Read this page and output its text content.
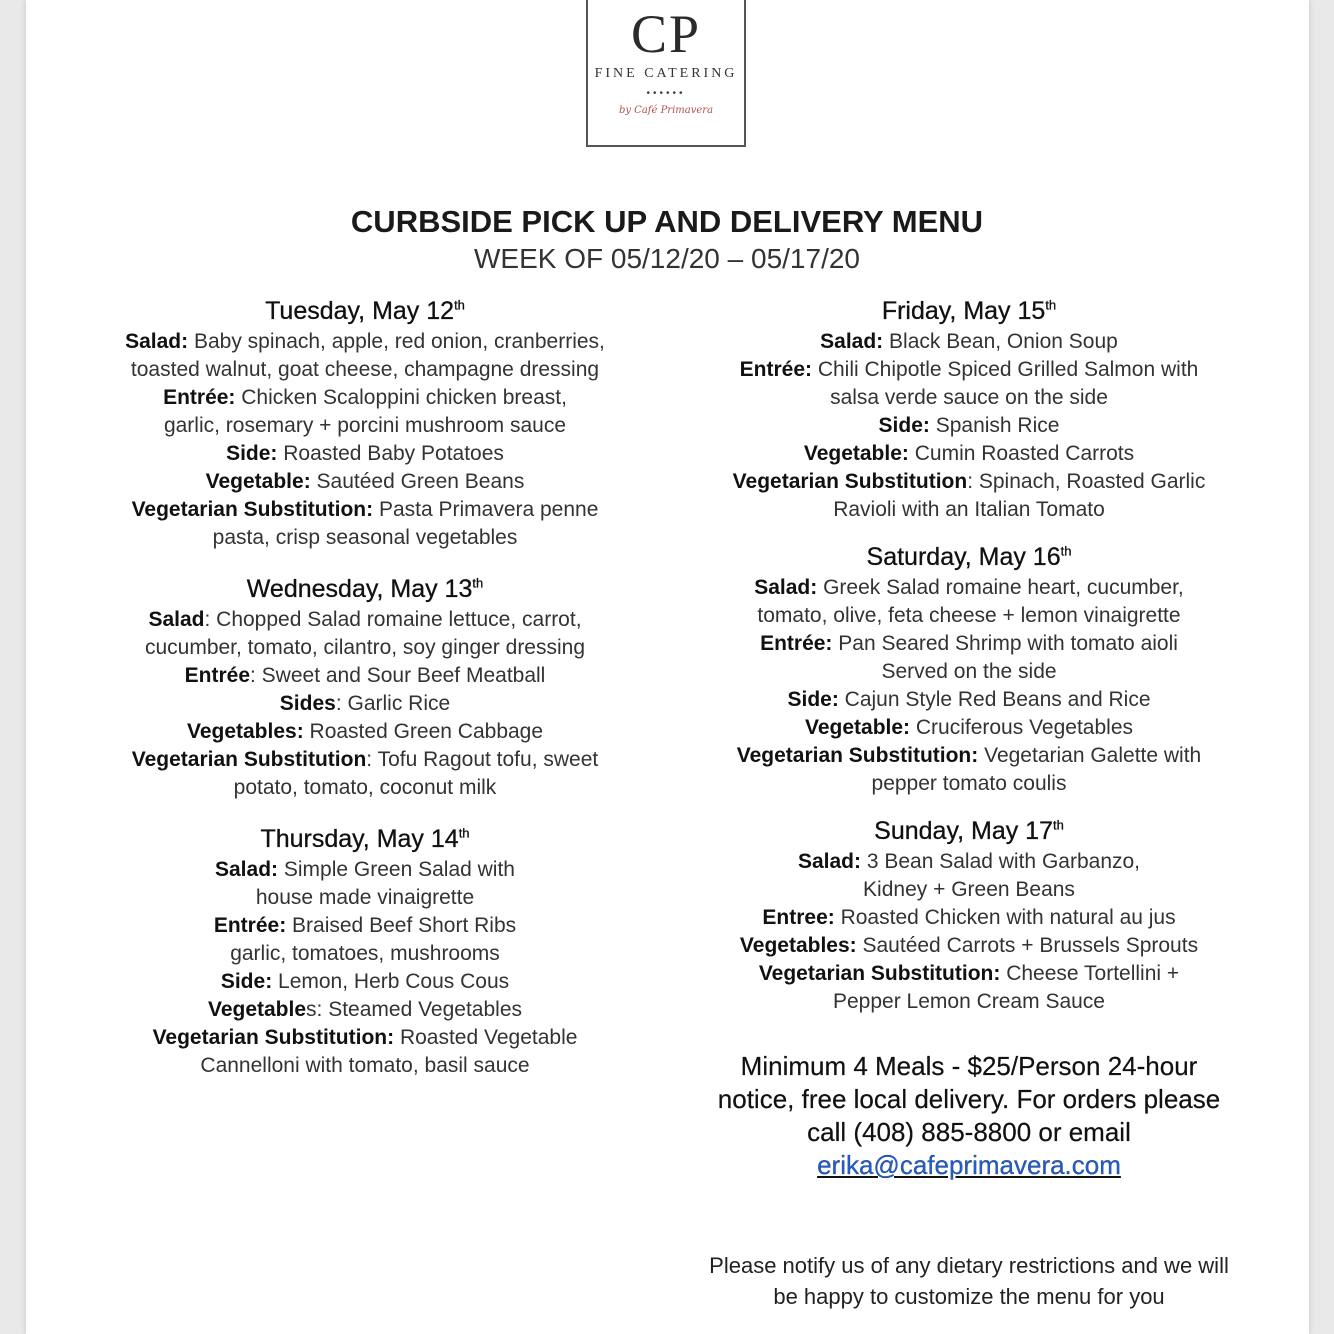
CP
FINE CATERING
••••••
by Café Primavera
CURBSIDE PICK UP AND DELIVERY MENU
WEEK OF 05/12/20 – 05/17/20
Tuesday, May 12th
Salad: Baby spinach, apple, red onion, cranberries, toasted walnut, goat cheese, champagne dressing
Entrée: Chicken Scaloppini chicken breast, garlic, rosemary + porcini mushroom sauce
Side: Roasted Baby Potatoes
Vegetable: Sautéed Green Beans
Vegetarian Substitution: Pasta Primavera penne pasta, crisp seasonal vegetables
Wednesday, May 13th
Salad: Chopped Salad romaine lettuce, carrot, cucumber, tomato, cilantro, soy ginger dressing
Entrée: Sweet and Sour Beef Meatball
Sides: Garlic Rice
Vegetables: Roasted Green Cabbage
Vegetarian Substitution: Tofu Ragout tofu, sweet potato, tomato, coconut milk
Thursday, May 14th
Salad: Simple Green Salad with house made vinaigrette
Entrée: Braised Beef Short Ribs garlic, tomatoes, mushrooms
Side: Lemon, Herb Cous Cous
Vegetables: Steamed Vegetables
Vegetarian Substitution: Roasted Vegetable Cannelloni with tomato, basil sauce
Friday, May 15th
Salad: Black Bean, Onion Soup
Entrée: Chili Chipotle Spiced Grilled Salmon with salsa verde sauce on the side
Side: Spanish Rice
Vegetable: Cumin Roasted Carrots
Vegetarian Substitution: Spinach, Roasted Garlic Ravioli with an Italian Tomato
Saturday, May 16th
Salad: Greek Salad romaine heart, cucumber, tomato, olive, feta cheese + lemon vinaigrette
Entrée: Pan Seared Shrimp with tomato aioli Served on the side
Side: Cajun Style Red Beans and Rice
Vegetable: Cruciferous Vegetables
Vegetarian Substitution: Vegetarian Galette with pepper tomato coulis
Sunday, May 17th
Salad: 3 Bean Salad with Garbanzo, Kidney + Green Beans
Entree: Roasted Chicken with natural au jus
Vegetables: Sautéed Carrots + Brussels Sprouts
Vegetarian Substitution: Cheese Tortellini + Pepper Lemon Cream Sauce
Minimum 4 Meals - $25/Person 24-hour notice, free local delivery. For orders please call (408) 885-8800 or email erika@cafeprimavera.com
Please notify us of any dietary restrictions and we will be happy to customize the menu for you
